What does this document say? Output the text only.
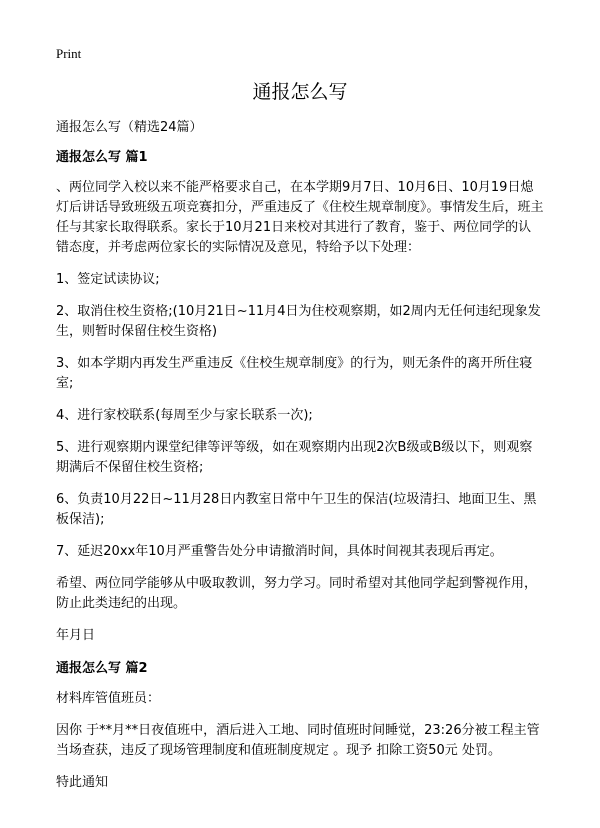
Print
通报怎么写

通报怎么写（精选24篇）

通报怎么写 篇1

、两位同学入校以来不能严格要求自己，在本学期9月7日、10月6日、10月19日熄灯后讲话导致班级五项竞赛扣分，严重违反了《住校生规章制度》。事情发生后，班主任与其家长取得联系。家长于10月21日来校对其进行了教育，鉴于、两位同学的认错态度，并考虑两位家长的实际情况及意见，特给予以下处理：

1、签定试读协议;

2、取消住校生资格;(10月21日~11月4日为住校观察期，如2周内无任何违纪现象发生，则暂时保留住校生资格)

3、如本学期内再发生严重违反《住校生规章制度》的行为，则无条件的离开所住寝室;

4、进行家校联系(每周至少与家长联系一次);

5、进行观察期内课堂纪律等评等级，如在观察期内出现2次B级或B级以下，则观察期满后不保留住校生资格;

6、负责10月22日~11月28日内教室日常中午卫生的保洁(垃圾清扫、地面卫生、黑板保洁);

7、延迟20xx年10月严重警告处分申请撤消时间，具体时间视其表现后再定。

希望、两位同学能够从中吸取教训，努力学习。同时希望对其他同学起到警视作用，防止此类违纪的出现。

年月日

通报怎么写 篇2

材料库管值班员：

因你 于**月**日夜值班中，酒后进入工地、同时值班时间睡觉，23:26分被工程主管当场查获，违反了现场管理制度和值班制度规定 。现予 扣除工资50元 处罚。

特此通知
